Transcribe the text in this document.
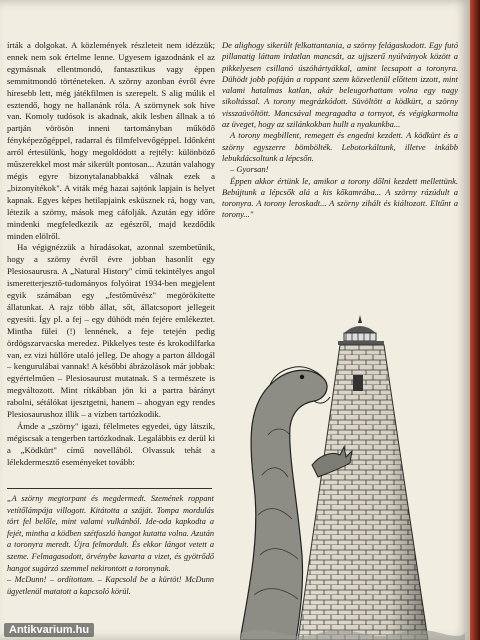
írták a dolgokat. A közlemények részleteit nem idézzük; ennek nem sok értelme lenne. Ugyesem igazodnánk el az egymásnak ellentmondó, fantasztikus vagy éppen semmitmondó történeteken. A szörny azonban évről évre híresebb lett, még játékfilmen is szerepelt. S alig múlik el esztendő, hogy ne hallanánk róla. A szörnynek sok híve van. Komoly tudósok is akadnak, akik lesben állnak a tó partján vörösön inneni tartományban működő fényképezőgéppel, radarral és filmfelvevőgéppel. Időnként arról értesülünk, hogy megoldódott a rejtély: különböző műszerekkel most már sikerült pontosan... Azután valahogy mégis egyre bizonytalanabbakká válnak ezek a „bizonyítékok". A viták még hazai sajtónk lapjain is helyet kapnak. Egyes képes hetilapjaink esküsznek rá, hogy van, létezik a szörny, mások meg cáfolják. Azután egy időre mindenki megfeledkezik az egészről, majd kezdődik minden elölről.

Ha végignézzük a híradásokat, azonnal szembetűnik, hogy a szörny évről évre jobban hasonlít egy Plesiosaurusra. A „Natural History" című tekintélyes angol ismeretterjesztő-tudományos folyóirat 1934-ben megjelent egyik számában egy „festőművész" megörökítette állatunkat. A rajz több állat, sőt, állatcsoport jellegeit egyesíti. Így pl. a fej – egy dühödt mén fejére emlékeztet. Mintha fülei (!) lennének, a feje tetején pedig ördögszarvacska meredez. Pikkelyes teste és krokodilfarka van, ez vizi hüllőre utaló jelleg. De ahogy a parton álldogál – kengurulábai vannak! A későbbi ábrázolások már jobbak: egyértelműen – Plesiosaurust mutatnak. S a természete is megváltozott. Mint rítkábban jön ki a partra bárányt rabolni, sétálókat ijesztgetni, hanem – ahogyan egy rendes Plesiosaurushoz illik – a vízben tartózkodik.

Ámde a „szörny" igazi, félelmetes egyedei, úgy látszik, mégiscsak a tengerben tartózkodnak. Legalábbis ez derül ki a „Ködkürt" című novellából. Olvassuk tehát a lélekdermesztő eseményeket tovább:

„A szörny megtorpant és megdermedt. Szemének roppant vetítőlámpája villogott. Kitátotta a száját. Tompa mordulás tört fel belőle, mint valami vulkánból. Ide-oda kapkodta a fejét, mintha a ködben szétfoszló hangot kutatta volna. Azután a toronyra meredt. Újra felmordult. És ekkor lángot vetett a szeme. Felmagasodott, örvénybe kavarta a vizet, és gyötrődő hangot sugárzó szemmel nekirontott a toronynak.

– McDunn! – ordítottam. – Kapcsold be a kürtöt! McDunn ügyetlenül matatott a kapcsoló körül.

De alighogy sikerült felkattantania, a szörny felágaskodott. Egy futó pillanatig láttam irdatlan mancsát, az ujjszerű nyúlványok között a pikkelyesen csillanó úszóhártyákkal, amint lecsapott a toronyra. Dühödt jobb pofáján a roppant szem közvetlenül előttem izzott, mint valami hatalmas katlan, akár beleugorhattam volna egy nagy sikoltással. A torony megrázkódott. Süvöltött a ködkürt, a szörny visszaüvöltött. Mancsával megragadta a tornyot, és végigkarmolta az üveget, hogy az szilánkokban hullt a nyakunkba...

A torony megbillent, remegett és engedni kezdett. A ködkürt és a szörny egyszerre bömbölték. Lebotorkáltunk, illetve inkább lebukdácsoltunk a lépcsőn.

– Gyorsan!

Éppen akkor értünk le, amikor a torony dőlni kezdett mellettünk. Bebújtunk a lépcsők alá a kis kőkamrába... A szörny rázúdult a toronyra. A torony leroskadt... A szörny zihált és kiáltozott. Eltűnt a torony..."

Antikvarium.hu
